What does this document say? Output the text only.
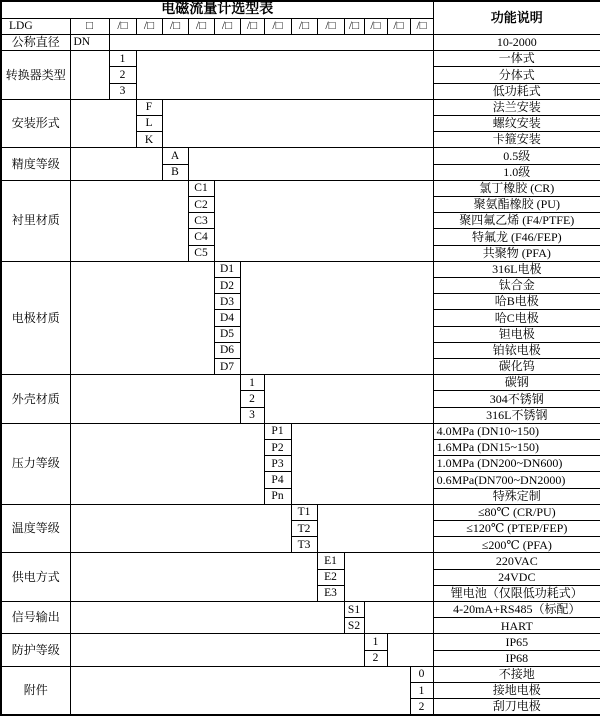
电磁流量计选型表															功能说明
LDG	□	/□	/□	/□	/□	/□	/□	/□	/□	/□	/□	/□	/□	/□	
公称直径	DN														10-2000
转换器类型		1													一体式
		2													分体式
		3													低功耗式
安装形式			F												法兰安装
			L												螺纹安装
			K												卡箍安装
精度等级				A											0.5级
				B											1.0级
衬里材质					C1										氯丁橡胶 (CR)
					C2										聚氨酯橡胶 (PU)
					C3										聚四氟乙烯 (F4/PTFE)
					C4										特氟龙 (F46/FEP)
					C5										共聚物 (PFA)
电极材质						D1									316L电极
						D2									钛合金
						D3									哈B电极
						D4									哈C电极
						D5									钽电极
						D6									铂铱电极
						D7									碳化钨
外壳材质							1								碳钢
							2								304不锈钢
							3								316L不锈钢
压力等级								P1							4.0MPa (DN10~150)
								P2							1.6MPa (DN15~150)
								P3							1.0MPa (DN200~DN600)
								P4							0.6MPa(DN700~DN2000)
								Pn							特殊定制
温度等级									T1						≤80℃ (CR/PU)
									T2						≤120℃ (PTEP/FEP)
									T3						≤200℃ (PFA)
供电方式										E1					220VAC
										E2					24VDC
										E3					锂电池（仅限低功耗式）
信号输出											S1				4-20mA+RS485（标配）
											S2				HART
防护等级												1			IP65
												2			IP68
附件														0	不接地
														1	接地电极
														2	刮刀电极
